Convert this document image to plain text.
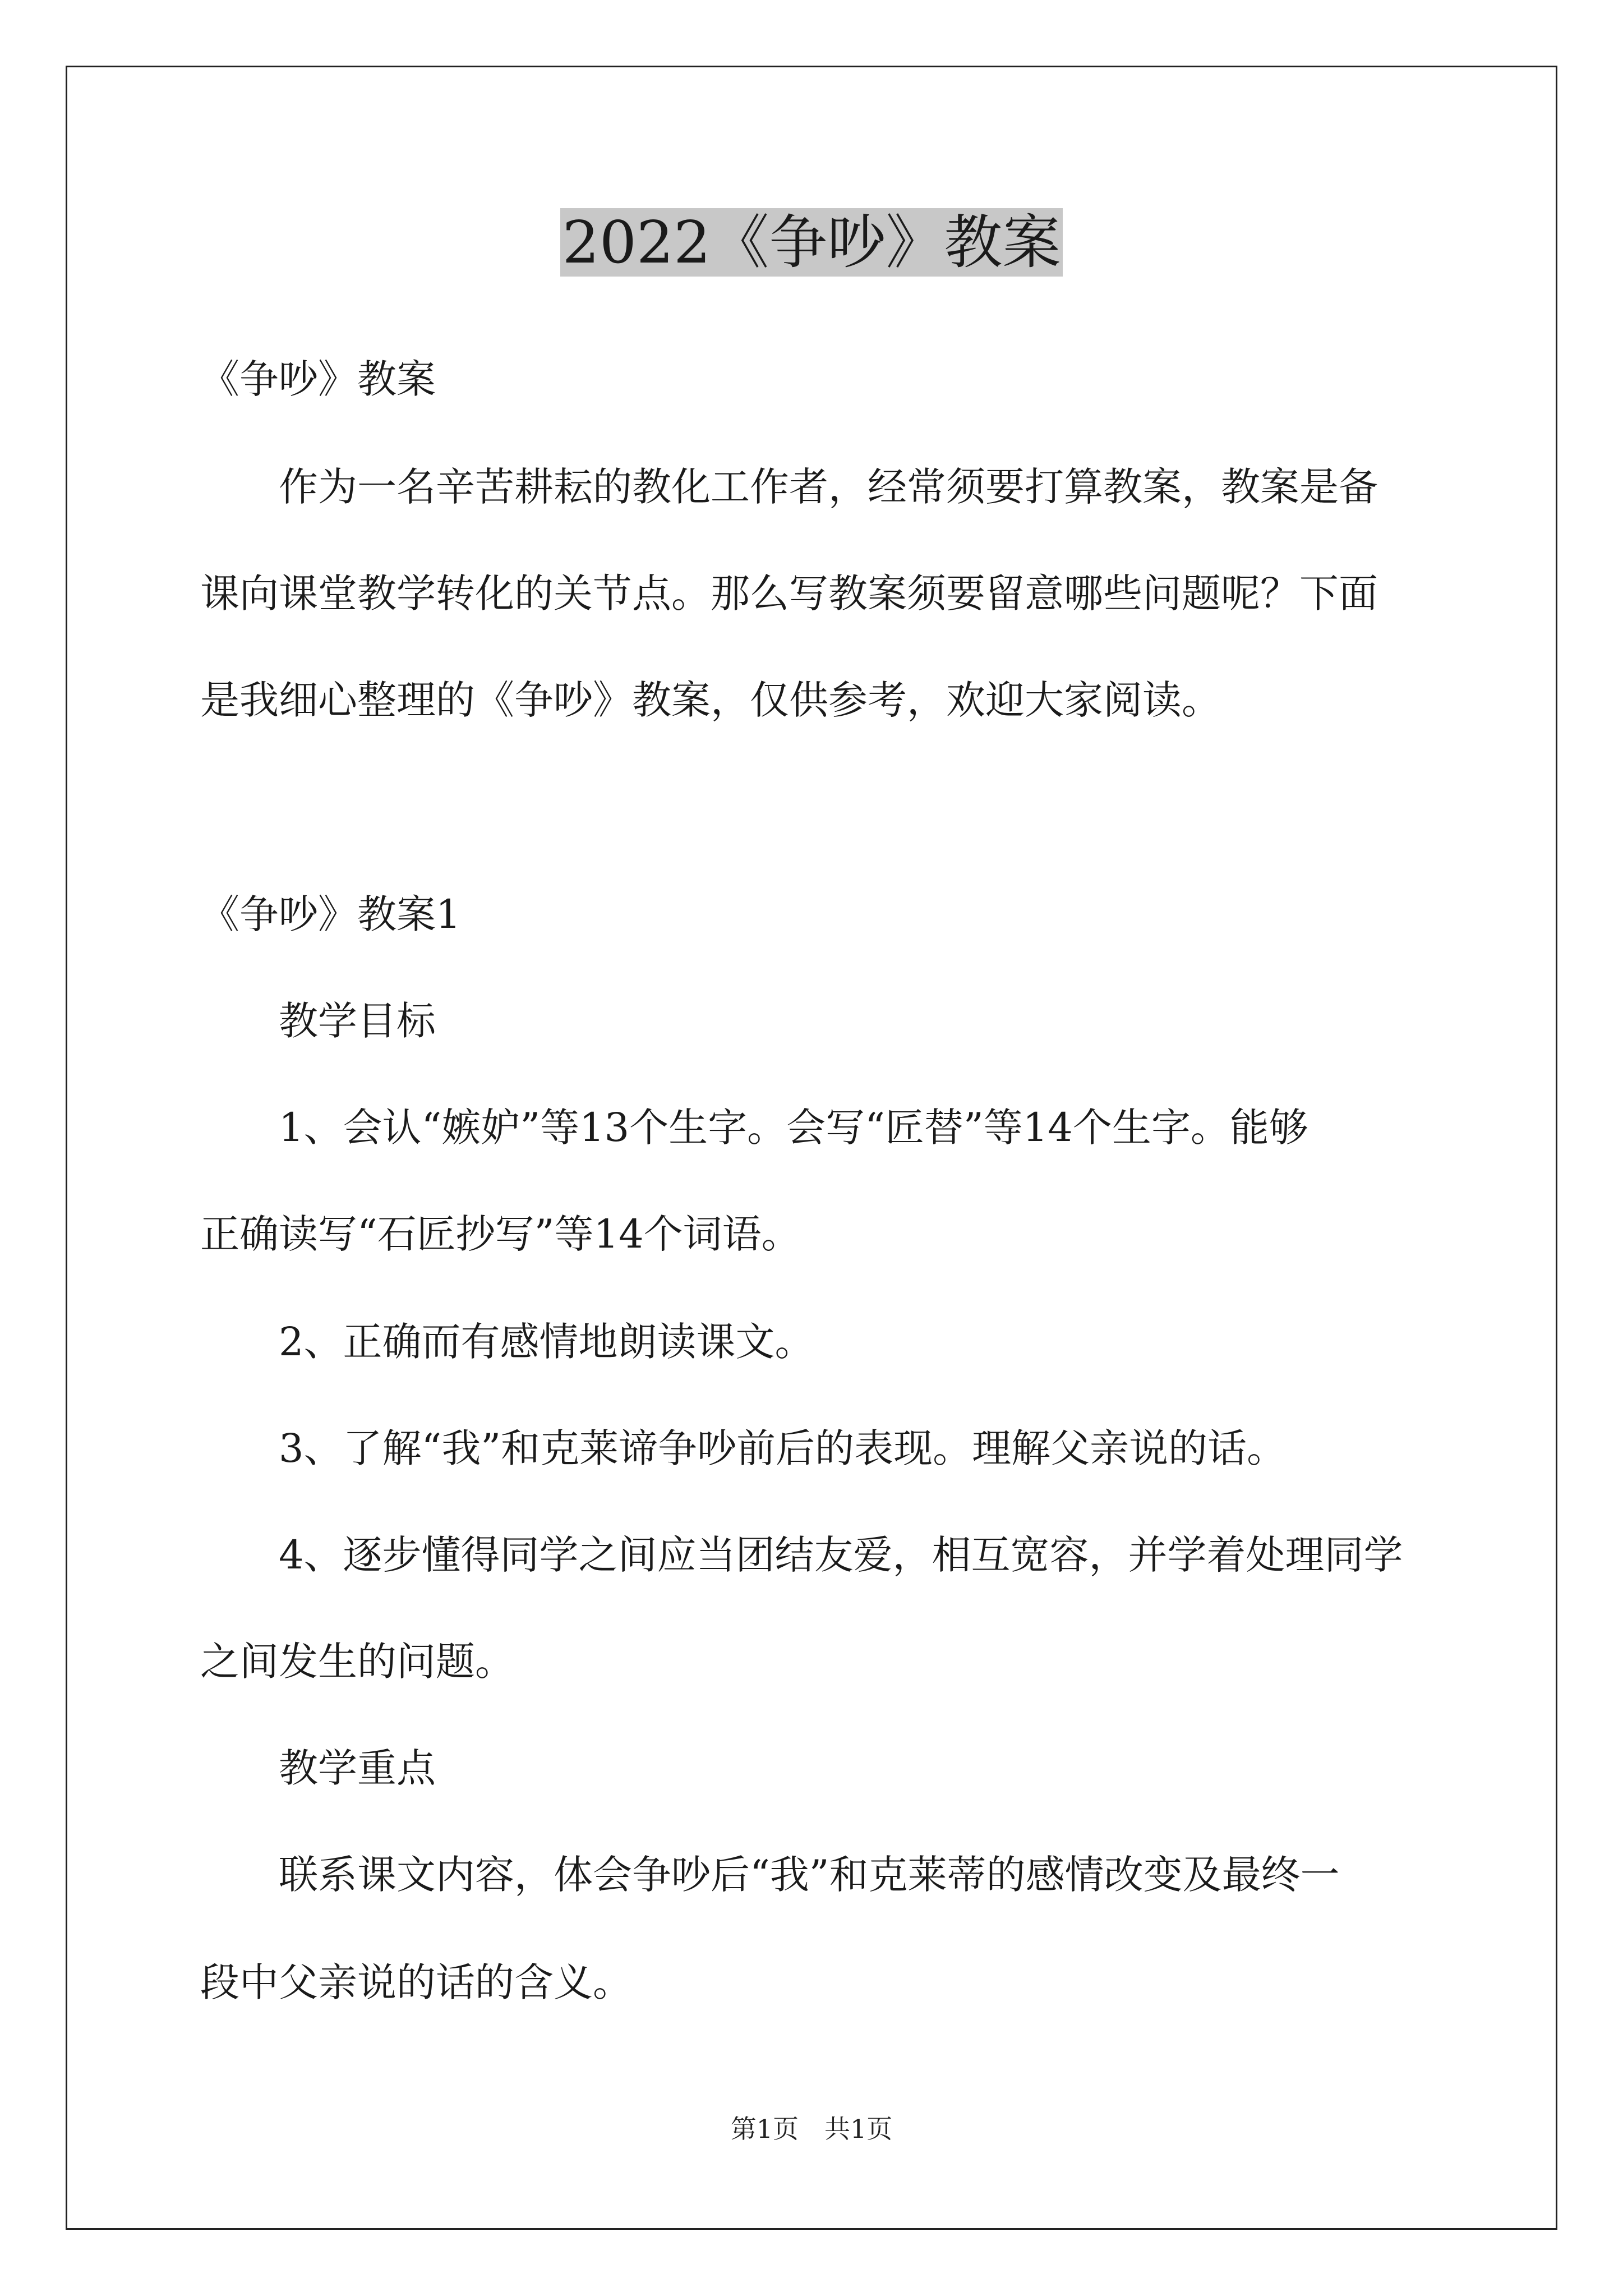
2022《争吵》教案
《争吵》教案
作为一名辛苦耕耘的教化工作者，经常须要打算教案，教案是备
课向课堂教学转化的关节点。那么写教案须要留意哪些问题呢？下面
是我细心整理的《争吵》教案，仅供参考，欢迎大家阅读。
《争吵》教案1
教学目标
1、会认“嫉妒”等13个生字。会写“匠替”等14个生字。能够
正确读写“石匠抄写”等14个词语。
2、正确而有感情地朗读课文。
3、了解“我”和克莱谛争吵前后的表现。理解父亲说的话。
4、逐步懂得同学之间应当团结友爱，相互宽容，并学着处理同学
之间发生的问题。
教学重点
联系课文内容，体会争吵后“我”和克莱蒂的感情改变及最终一
段中父亲说的话的含义。
第1页　共1页
